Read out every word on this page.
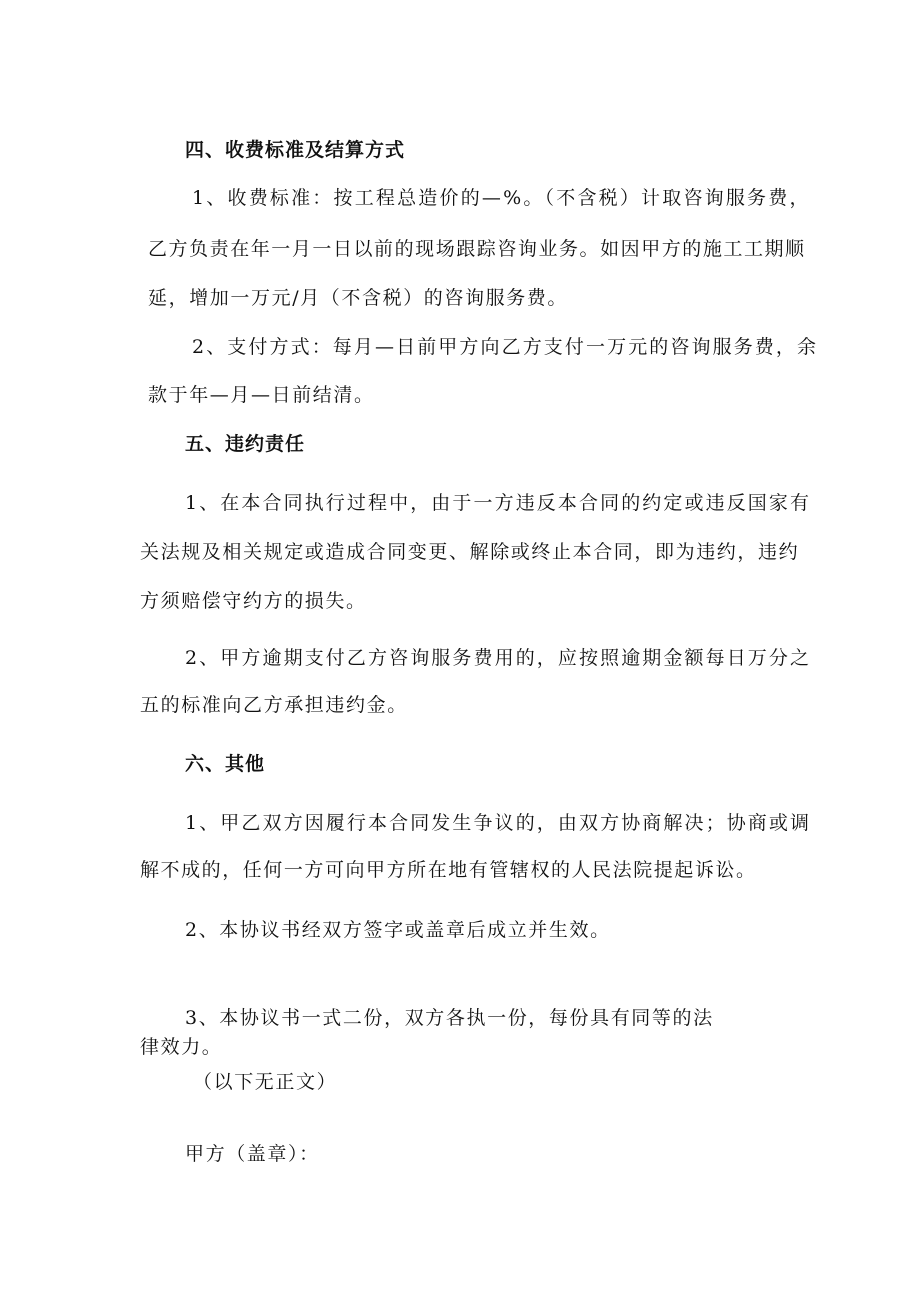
四、收费标准及结算方式
1、收费标准：按工程总造价的—%。（不含税）计取咨询服务费，
乙方负责在年一月一日以前的现场跟踪咨询业务。如因甲方的施工工期顺
延，增加一万元/月（不含税）的咨询服务费。
2、支付方式：每月—日前甲方向乙方支付一万元的咨询服务费，余
款于年—月—日前结清。
五、违约责任
1、在本合同执行过程中，由于一方违反本合同的约定或违反国家有
关法规及相关规定或造成合同变更、解除或终止本合同，即为违约，违约
方须赔偿守约方的损失。
2、甲方逾期支付乙方咨询服务费用的，应按照逾期金额每日万分之
五的标准向乙方承担违约金。
六、其他
1、甲乙双方因履行本合同发生争议的，由双方协商解决；协商或调
解不成的，任何一方可向甲方所在地有管辖权的人民法院提起诉讼。
2、本协议书经双方签字或盖章后成立并生效。
3、本协议书一式二份，双方各执一份，每份具有同等的法
律效力。
（以下无正文）
甲方（盖章）：
